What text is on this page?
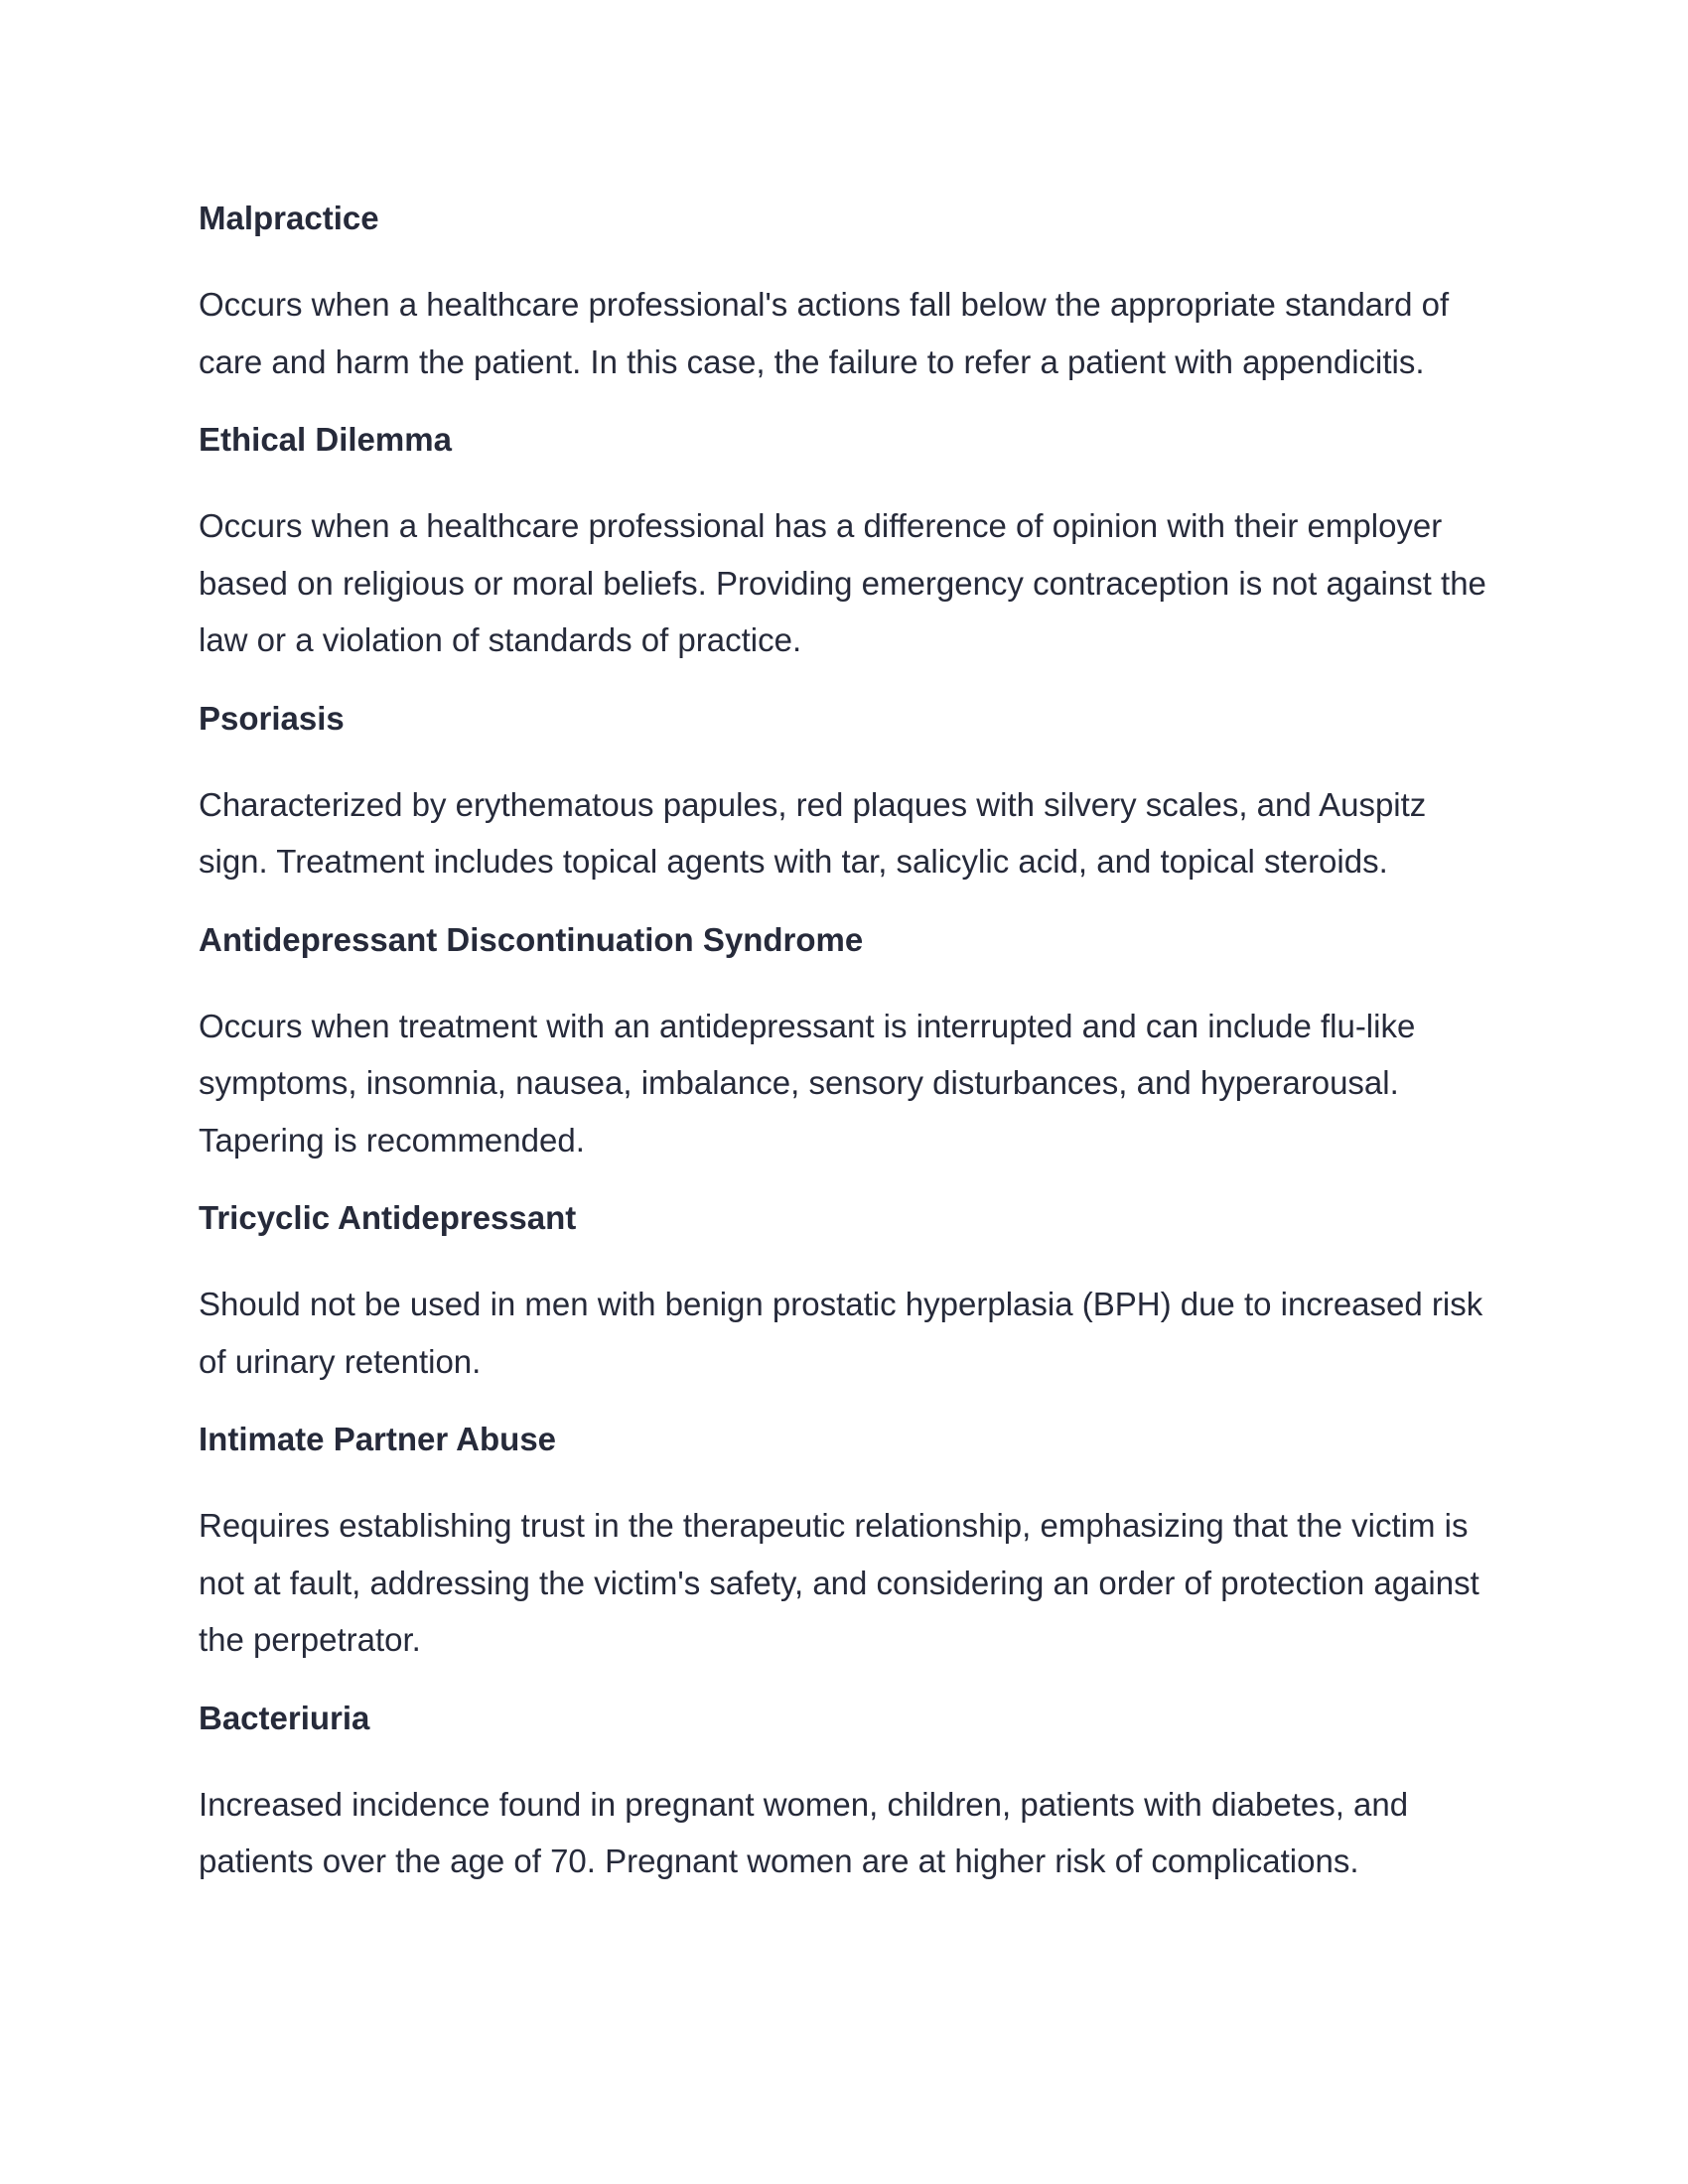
Malpractice

Occurs when a healthcare professional's actions fall below the appropriate standard of care and harm the patient. In this case, the failure to refer a patient with appendicitis.

Ethical Dilemma

Occurs when a healthcare professional has a difference of opinion with their employer based on religious or moral beliefs. Providing emergency contraception is not against the law or a violation of standards of practice.

Psoriasis

Characterized by erythematous papules, red plaques with silvery scales, and Auspitz sign. Treatment includes topical agents with tar, salicylic acid, and topical steroids.

Antidepressant Discontinuation Syndrome

Occurs when treatment with an antidepressant is interrupted and can include flu-like symptoms, insomnia, nausea, imbalance, sensory disturbances, and hyperarousal. Tapering is recommended.

Tricyclic Antidepressant

Should not be used in men with benign prostatic hyperplasia (BPH) due to increased risk of urinary retention.

Intimate Partner Abuse

Requires establishing trust in the therapeutic relationship, emphasizing that the victim is not at fault, addressing the victim's safety, and considering an order of protection against the perpetrator.

Bacteriuria

Increased incidence found in pregnant women, children, patients with diabetes, and patients over the age of 70. Pregnant women are at higher risk of complications.
